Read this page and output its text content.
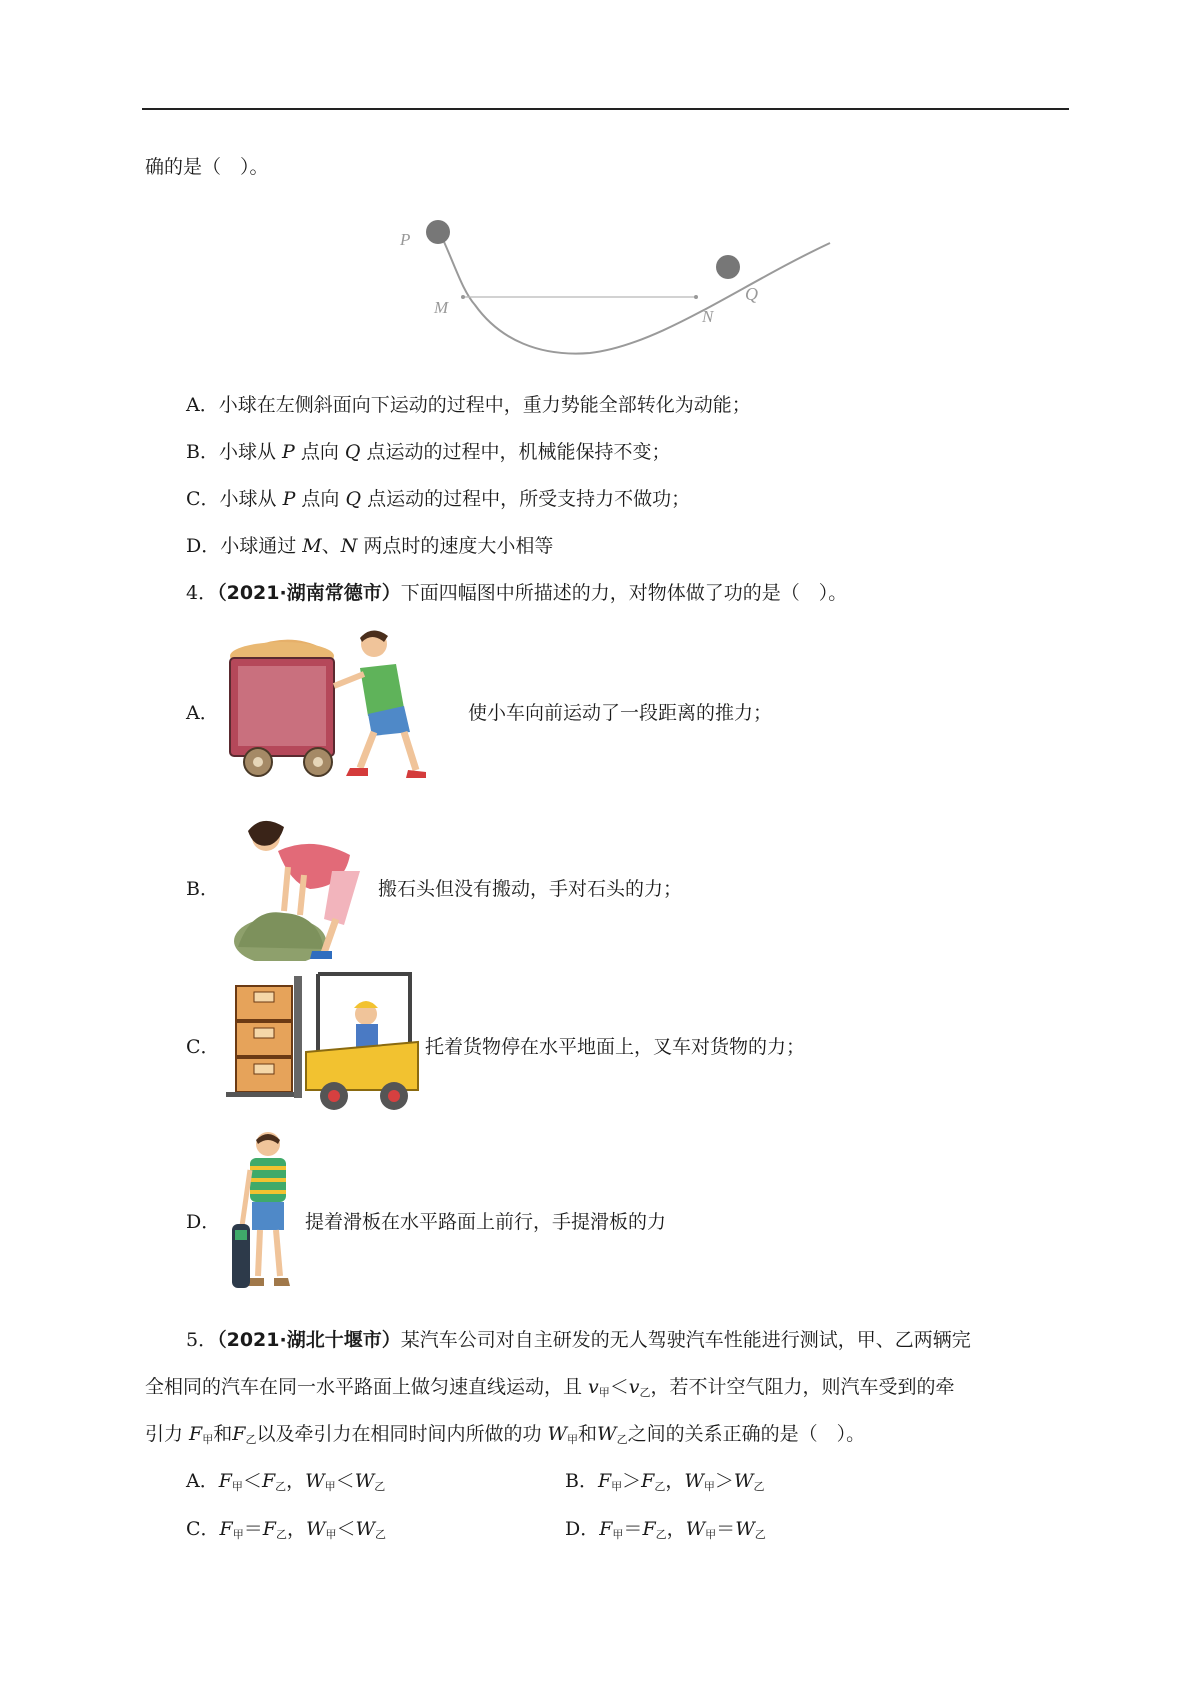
确的是（　）。
P
M	N
Q
A．小球在左侧斜面向下运动的过程中，重力势能全部转化为动能；
B．小球从 P 点向 Q 点运动的过程中，机械能保持不变；
C．小球从 P 点向 Q 点运动的过程中，所受支持力不做功；
D．小球通过 M、N 两点时的速度大小相等
4．（2021·湖南常德市）下面四幅图中所描述的力，对物体做了功的是（　）。
A．	使小车向前运动了一段距离的推力；
B．	搬石头但没有搬动，手对石头的力；
C．	托着货物停在水平地面上，叉车对货物的力；
D．	提着滑板在水平路面上前行，手提滑板的力
5．（2021·湖北十堰市）某汽车公司对自主研发的无人驾驶汽车性能进行测试，甲、乙两辆完
全相同的汽车在同一水平路面上做匀速直线运动，且 $v_甲<v_乙$，若不计空气阻力，则汽车受到的牵
引力 $F_甲$和$F_乙$以及牵引力在相同时间内所做的功 $W_甲$和$W_乙$之间的关系正确的是（　）。
A．$F_甲<F_乙$，$W_甲<W_乙$	B．$F_甲>F_乙$，$W_甲>W_乙$
C．$F_甲=F_乙$，$W_甲<W_乙$	D．$F_甲=F_乙$，$W_甲=W_乙$
